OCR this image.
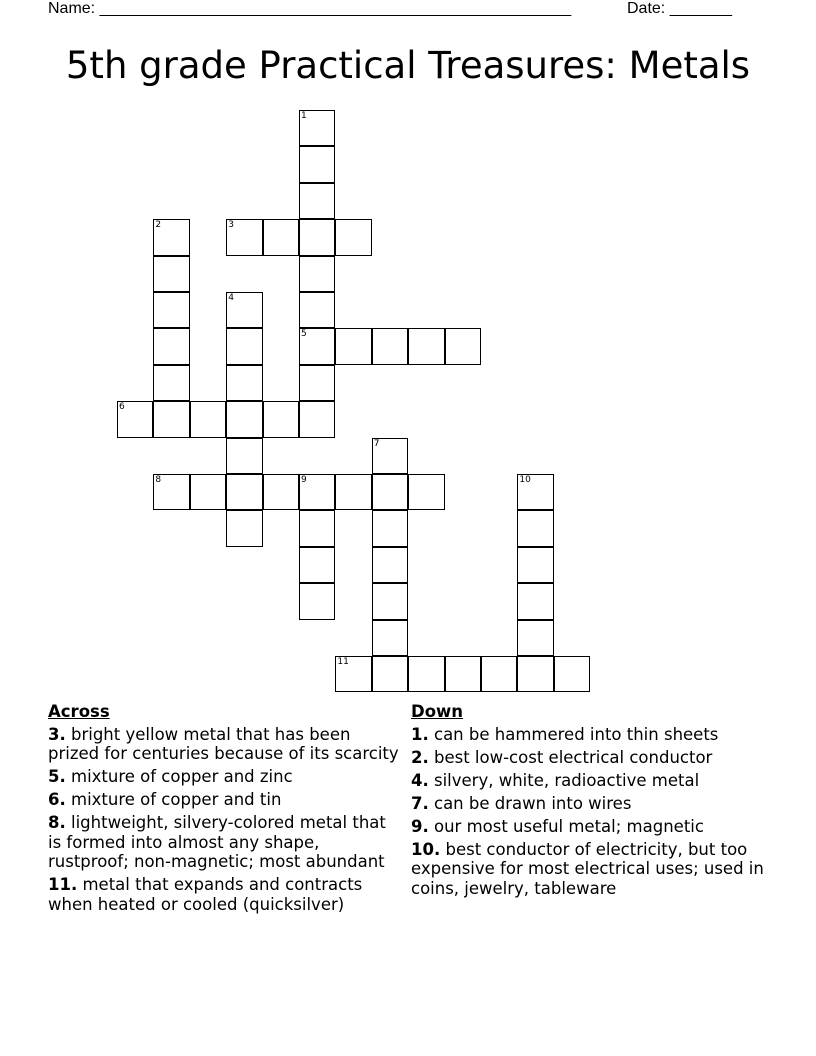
Name: _____________________________________________________	Date: _______
5th grade Practical Treasures: Metals
1
2	3
4
5
6
7
8	9	10
11
Across
3. bright yellow metal that has been prized for centuries because of its scarcity
5. mixture of copper and zinc
6. mixture of copper and tin
8. lightweight, silvery-colored metal that is formed into almost any shape, rustproof; non-magnetic; most abundant
11. metal that expands and contracts when heated or cooled (quicksilver)
Down
1. can be hammered into thin sheets
2. best low-cost electrical conductor
4. silvery, white, radioactive metal
7. can be drawn into wires
9. our most useful metal; magnetic
10. best conductor of electricity, but too expensive for most electrical uses; used in coins, jewelry, tableware
